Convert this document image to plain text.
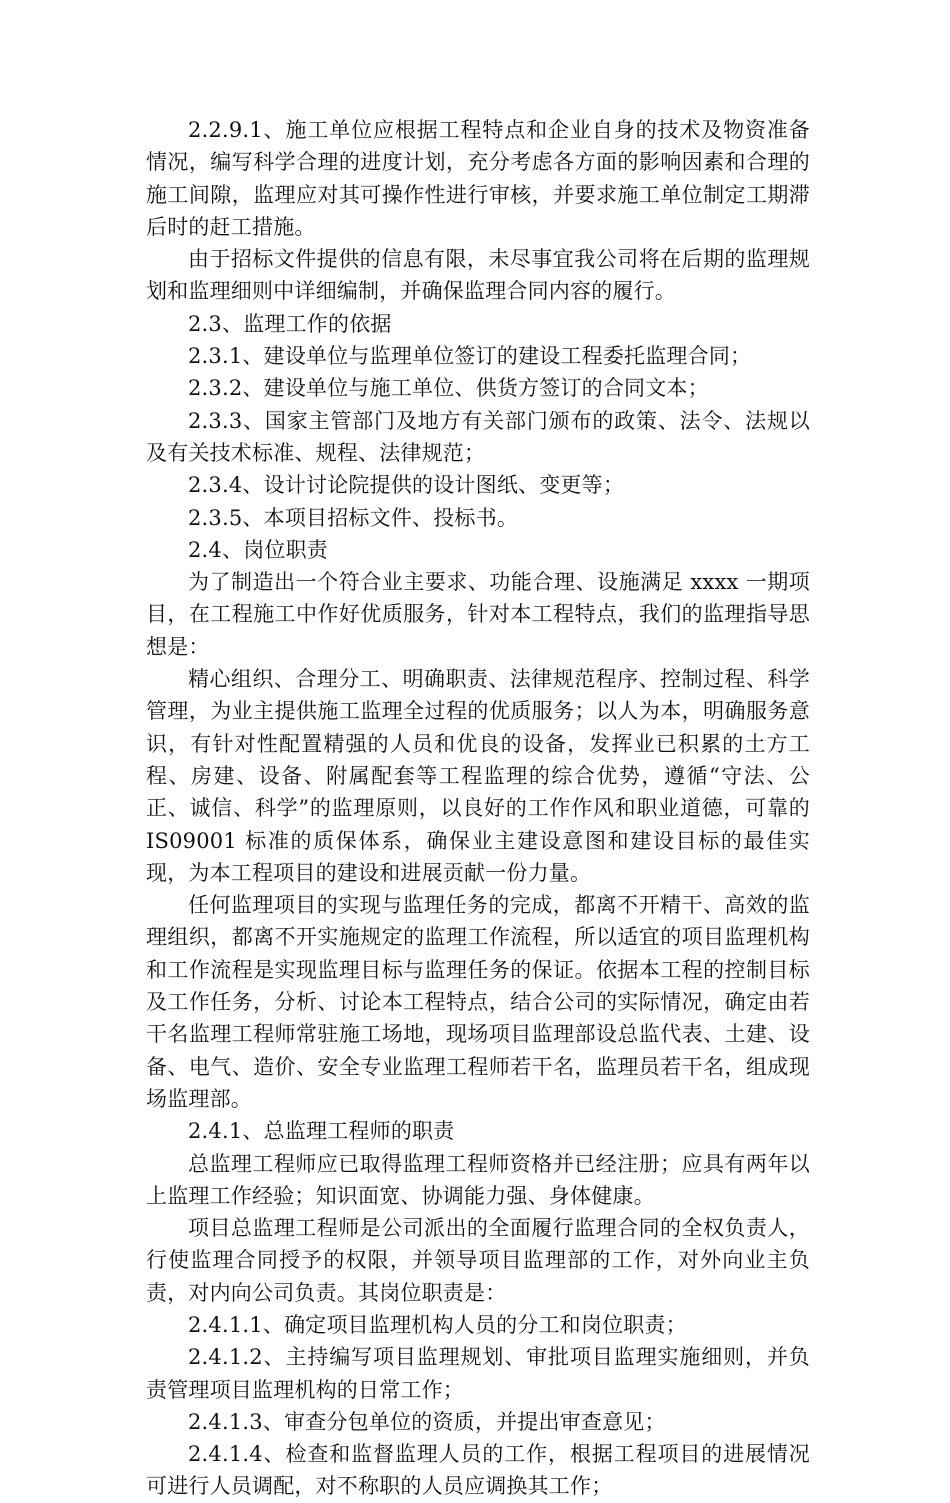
2.2.9.1、施工单位应根据工程特点和企业自身的技术及物资准备情况，编写科学合理的进度计划，充分考虑各方面的影响因素和合理的施工间隙，监理应对其可操作性进行审核，并要求施工单位制定工期滞后时的赶工措施。

由于招标文件提供的信息有限，未尽事宜我公司将在后期的监理规划和监理细则中详细编制，并确保监理合同内容的履行。

2.3、监理工作的依据

2.3.1、建设单位与监理单位签订的建设工程委托监理合同；

2.3.2、建设单位与施工单位、供货方签订的合同文本；

2.3.3、国家主管部门及地方有关部门颁布的政策、法令、法规以及有关技术标准、规程、法律规范；

2.3.4、设计讨论院提供的设计图纸、变更等；

2.3.5、本项目招标文件、投标书。

2.4、岗位职责

为了制造出一个符合业主要求、功能合理、设施满足 xxxx 一期项目，在工程施工中作好优质服务，针对本工程特点，我们的监理指导思想是：

精心组织、合理分工、明确职责、法律规范程序、控制过程、科学管理，为业主提供施工监理全过程的优质服务；以人为本，明确服务意识，有针对性配置精强的人员和优良的设备，发挥业已积累的土方工程、房建、设备、附属配套等工程监理的综合优势，遵循“守法、公正、诚信、科学”的监理原则，以良好的工作作风和职业道德，可靠的 IS09001 标准的质保体系，确保业主建设意图和建设目标的最佳实现，为本工程项目的建设和进展贡献一份力量。

任何监理项目的实现与监理任务的完成，都离不开精干、高效的监理组织，都离不开实施规定的监理工作流程，所以适宜的项目监理机构和工作流程是实现监理目标与监理任务的保证。依据本工程的控制目标及工作任务，分析、讨论本工程特点，结合公司的实际情况，确定由若干名监理工程师常驻施工场地，现场项目监理部设总监代表、土建、设备、电气、造价、安全专业监理工程师若干名，监理员若干名，组成现场监理部。

2.4.1、总监理工程师的职责

总监理工程师应已取得监理工程师资格并已经注册；应具有两年以上监理工作经验；知识面宽、协调能力强、身体健康。

项目总监理工程师是公司派出的全面履行监理合同的全权负责人，行使监理合同授予的权限，并领导项目监理部的工作，对外向业主负责，对内向公司负责。其岗位职责是：

2.4.1.1、确定项目监理机构人员的分工和岗位职责；

2.4.1.2、主持编写项目监理规划、审批项目监理实施细则，并负责管理项目监理机构的日常工作；

2.4.1.3、审查分包单位的资质，并提出审查意见；

2.4.1.4、检查和监督监理人员的工作，根据工程项目的进展情况可进行人员调配，对不称职的人员应调换其工作；
